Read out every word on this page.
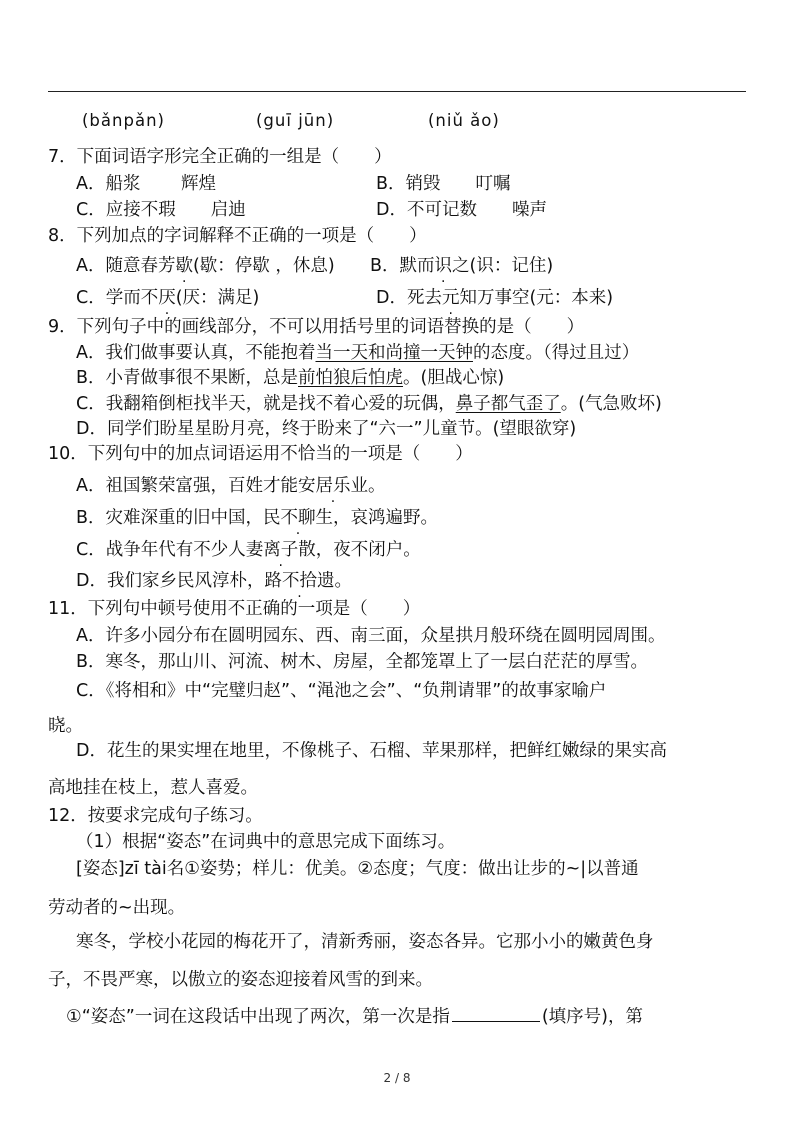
(bǎnpǎn)	(guī jūn)	(niǔ ǎo)
7．下面词语字形完全正确的一组是（　　）
A．船浆　　 辉煌	B．销毁　　叮嘱
C．应接不瑕　　启迪	D．不可记数　　噪声
8．下列加点的字词解释不正确的一项是（　　）
A．随意春芳歇(歇：停歇 ，休息) B．默而识之(识：记住)
C．学而不厌(厌：满足)	D．死去元知万事空(元：本来)
9．下列句子中的画线部分，不可以用括号里的词语替换的是（　　）
A．我们做事要认真，不能抱着当一天和尚撞一天钟的态度。（得过且过）
B．小青做事很不果断，总是前怕狼后怕虎。(胆战心惊)
C．我翻箱倒柜找半天，就是找不着心爱的玩偶，鼻子都气歪了。(气急败坏)
D．同学们盼星星盼月亮，终于盼来了“六一”儿童节。(望眼欲穿)
10．下列句中的加点词语运用不恰当的一项是（　　）
A．祖国繁荣富强，百姓才能安居乐业。
B．灾难深重的旧中国，民不聊生，哀鸿遍野。
C．战争年代有不少人妻离子散，夜不闭户。
D．我们家乡民风淳朴，路不拾遗。
11．下列句中顿号使用不正确的一项是（　　）
A．许多小园分布在圆明园东、西、南三面，众星拱月般环绕在圆明园周围。
B．寒冬，那山川、河流、树木、房屋，全都笼罩上了一层白茫茫的厚雪。
C．《将相和》中“完璧归赵”、“渑池之会”、“负荆请罪”的故事家喻户
晓。
D．花生的果实埋在地里，不像桃子、石榴、苹果那样，把鲜红嫩绿的果实高
高地挂在枝上，惹人喜爱。
12．按要求完成句子练习。
（1）根据“姿态”在词典中的意思完成下面练习。
[姿态]zī tài名①姿势；样儿：优美。②态度；气度：做出让步的~|以普通
劳动者的~出现。
寒冬，学校小花园的梅花开了，清新秀丽，姿态各异。它那小小的嫩黄色身
子，不畏严寒，以傲立的姿态迎接着风雪的到来。
①“姿态”一词在这段话中出现了两次，第一次是指	(填序号)，第
2 / 8
